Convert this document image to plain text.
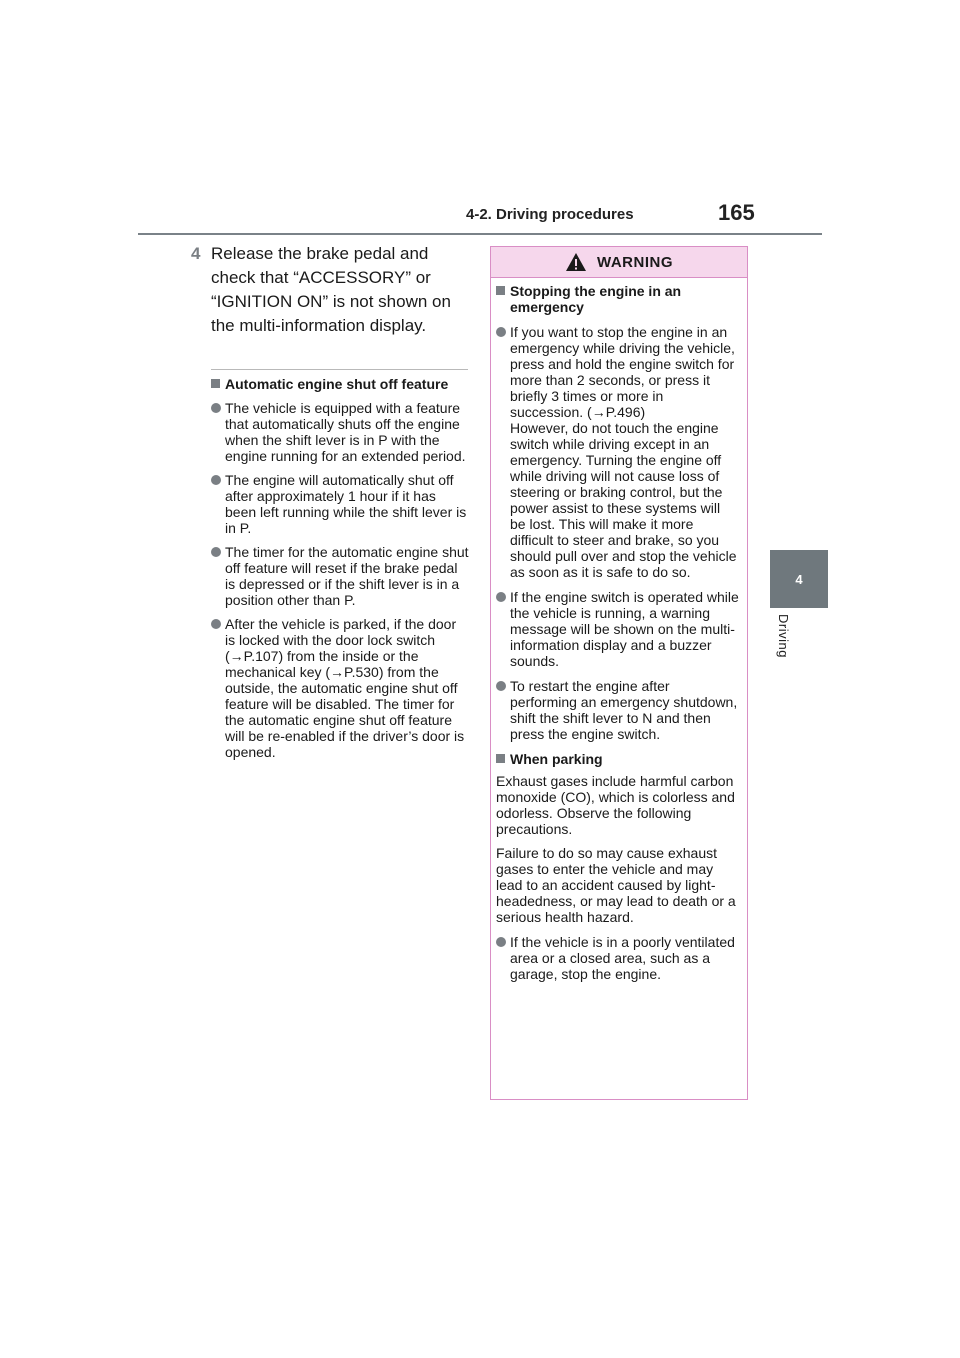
4-2. Driving procedures	165
4
Driving
4 Release the brake pedal and check that “ACCESSORY” or “IGNITION ON” is not shown on the multi-information display.
Automatic engine shut off feature
The vehicle is equipped with a feature that automatically shuts off the engine when the shift lever is in P with the engine running for an extended period.
The engine will automatically shut off after approximately 1 hour if it has been left running while the shift lever is in P.
The timer for the automatic engine shut off feature will reset if the brake pedal is depressed or if the shift lever is in a position other than P.
After the vehicle is parked, if the door is locked with the door lock switch (→P.107) from the inside or the mechanical key (→P.530) from the outside, the automatic engine shut off feature will be disabled. The timer for the automatic engine shut off feature will be re-enabled if the driver’s door is opened.
WARNING
Stopping the engine in an emergency
If you want to stop the engine in an emergency while driving the vehicle, press and hold the engine switch for more than 2 seconds, or press it briefly 3 times or more in succession. (→P.496)
However, do not touch the engine switch while driving except in an emergency. Turning the engine off while driving will not cause loss of steering or braking control, but the power assist to these systems will be lost. This will make it more difficult to steer and brake, so you should pull over and stop the vehicle as soon as it is safe to do so.
If the engine switch is operated while the vehicle is running, a warning message will be shown on the multi-information display and a buzzer sounds.
To restart the engine after performing an emergency shutdown, shift the shift lever to N and then press the engine switch.
When parking
Exhaust gases include harmful carbon monoxide (CO), which is colorless and odorless. Observe the following precautions.
Failure to do so may cause exhaust gases to enter the vehicle and may lead to an accident caused by light-headedness, or may lead to death or a serious health hazard.
If the vehicle is in a poorly ventilated area or a closed area, such as a garage, stop the engine.
